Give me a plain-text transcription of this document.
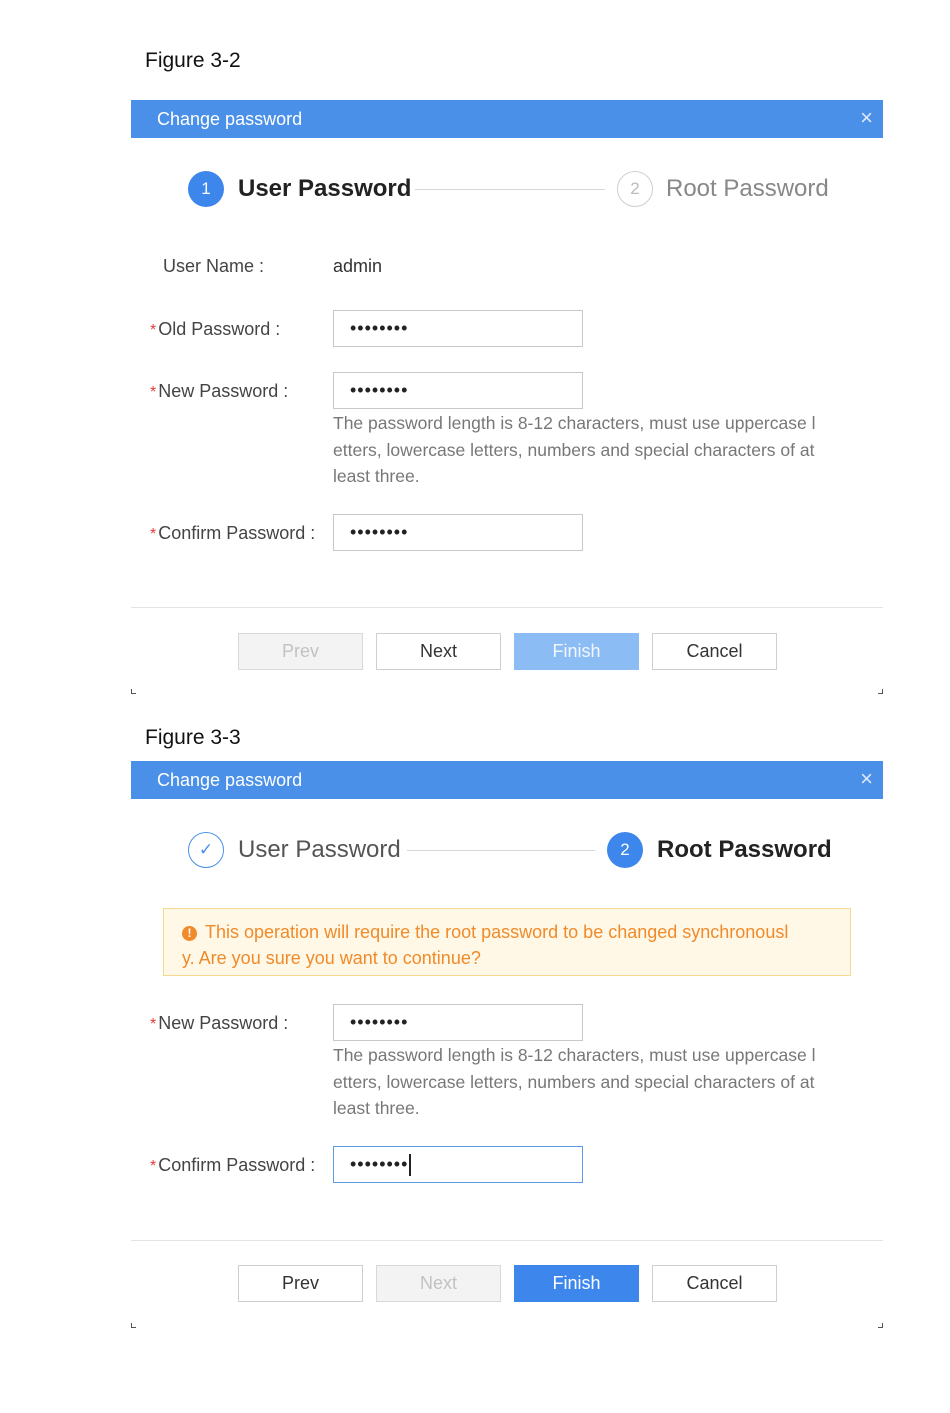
Figure 3-2
Change password	×
1	User Password	2	Root Password
User Name :	admin
* Old Password :	••••••••
* New Password :	••••••••
The password length is 8-12 characters, must use uppercase l
etters, lowercase letters, numbers and special characters of at
least three.
* Confirm Password :	••••••••
Prev	Next	Finish	Cancel
Figure 3-3
Change password	×
✓	User Password	2	Root Password
! This operation will require the root password to be changed synchronousl
y. Are you sure you want to continue?
* New Password :	••••••••
The password length is 8-12 characters, must use uppercase l
etters, lowercase letters, numbers and special characters of at
least three.
* Confirm Password :	••••••••
Prev	Next	Finish	Cancel
